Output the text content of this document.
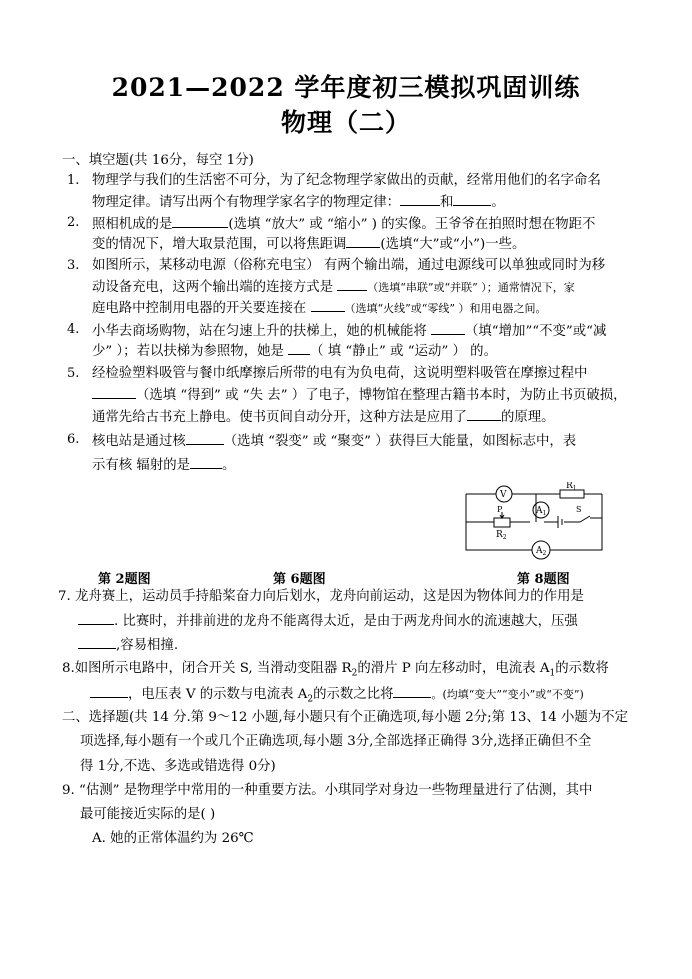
2021—2022 学年度初三模拟巩固训练
物理（二）
一、填空题(共 16分，每空 1分)
1. 物理学与我们的生活密不可分，为了纪念物理学家做出的贡献，经常用他们的名字命名
物理定律。请写出两个有物理学家名字的物理定律：	和	。
2. 照相机成的是	(选填 “放大” 或 “缩小” ) 的实像。王爷爷在拍照时想在物距不
变的情况下，增大取景范围，可以将焦距调	(选填“大”或“小”)一些。
3. 如图所示，某移动电源（俗称充电宝） 有两个输出端，通过电源线可以单独或同时为移
动设备充电，这两个输出端的连接方式是	（选填“串联”或“并联” ）；通常情况下，家
庭电路中控制用电器的开关要连接在	（选填“火线”或“零线” ）和用电器之间。
4. 小华去商场购物，站在匀速上升的扶梯上，她的机械能将	（填“增加”“不变”或“减
少” ）；若以扶梯为参照物，她是 （ 填 “静止” 或 “运动” ） 的。
5. 经检验塑料吸管与餐巾纸摩擦后所带的电有为负电荷，这说明塑料吸管在摩擦过程中
（选填 “得到” 或 “失 去” ）了电子，博物馆在整理古籍书本时，为防止书页破损，
通常先给古书充上静电。使书页间自动分开，这种方法是应用了	的原理。
6. 核电站是通过核	（选填 “裂变” 或 “聚变” ）获得巨大能量，如图标志中，表
示有核 辐射的是 。
V
$A_1$
$A_2$
$R_1$
$R_2$
P	S
第 2题图	第 6题图	第 8题图
7. 龙舟赛上，运动员手持船桨奋力向后划水，龙舟向前运动，这是因为物体间力的作用是
. 比赛时，并排前进的龙舟不能离得太近，是由于两龙舟间水的流速越大，压强
,容易相撞.
8.如图所示电路中，闭合开关 S, 当滑动变阻器 $R_2$的滑片 P 向左移动时，电流表 $A_1$的示数将
，电压表 V 的示数与电流表 $A_2$的示数之比将	。(均填“变大”“变小”或“不变”)
二、选择题(共 14 分.第 9～12 小题,每小题只有个正确选项,每小题 2分;第 13、14 小题为不定
项选择,每小题有一个或几个正确选项,每小题 3分,全部选择正确得 3分,选择正确但不全
得 1分,不选、多选或错选得 0分)
9. “估测” 是物理学中常用的一种重要方法。小琪同学对身边一些物理量进行了估测，其中
最可能接近实际的是( )
A. 她的正常体温约为 26℃
